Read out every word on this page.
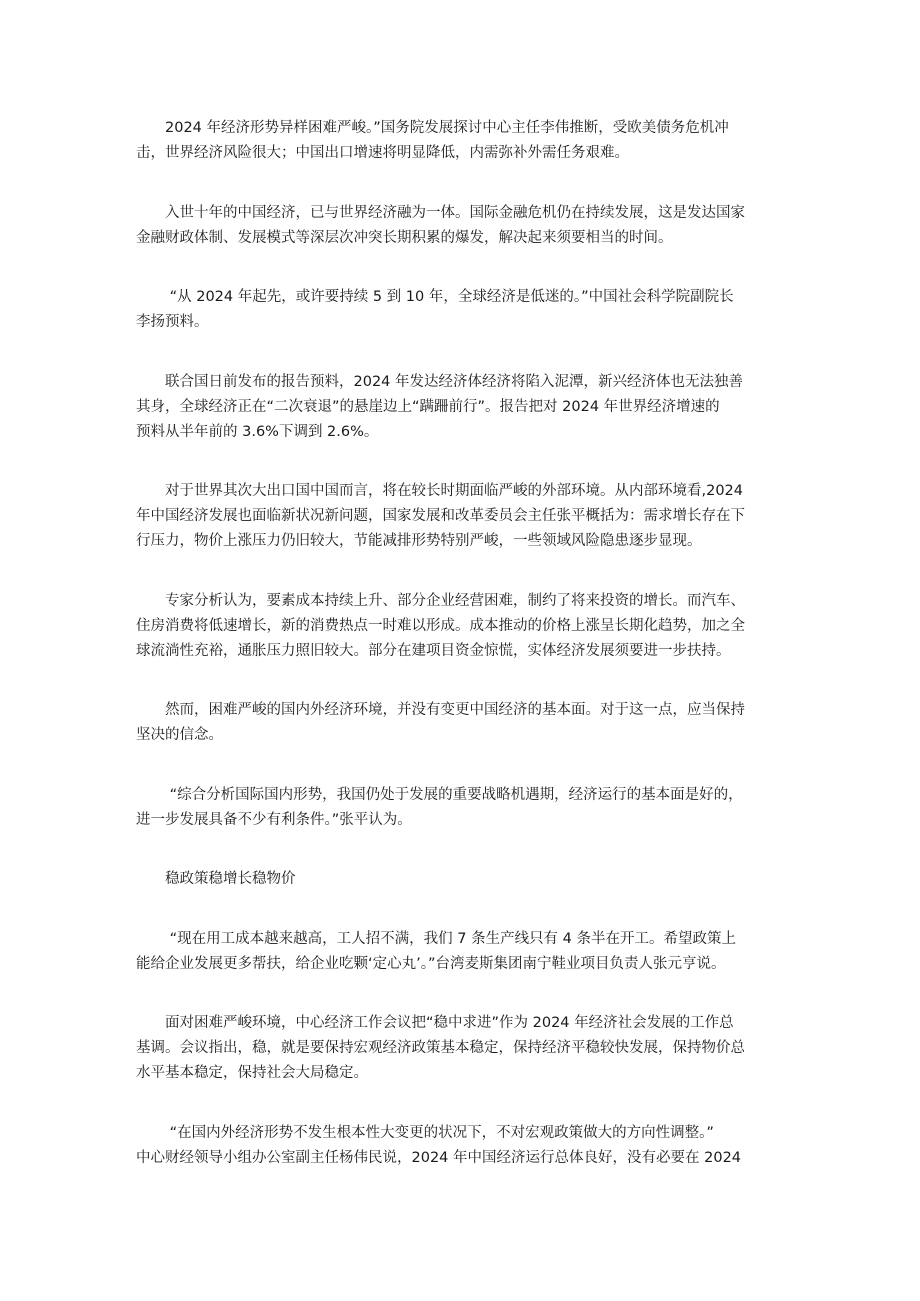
　　2024 年经济形势异样困难严峻。”国务院发展探讨中心主任李伟推断，受欧美债务危机冲
击，世界经济风险很大；中国出口增速将明显降低，内需弥补外需任务艰难。

　　入世十年的中国经济，已与世界经济融为一体。国际金融危机仍在持续发展，这是发达国家
金融财政体制、发展模式等深层次冲突长期积累的爆发，解决起来须要相当的时间。

　　 “从 2024 年起先，或许要持续 5 到 10 年，全球经济是低迷的。”中国社会科学院副院长
李扬预料。

　　联合国日前发布的报告预料，2024 年发达经济体经济将陷入泥潭，新兴经济体也无法独善
其身，全球经济正在“二次衰退”的悬崖边上“蹒跚前行”。报告把对 2024 年世界经济增速的
预料从半年前的 3.6%下调到 2.6%。

　　对于世界其次大出口国中国而言，将在较长时期面临严峻的外部环境。从内部环境看,2024
年中国经济发展也面临新状况新问题，国家发展和改革委员会主任张平概括为：需求增长存在下
行压力，物价上涨压力仍旧较大，节能减排形势特别严峻，一些领域风险隐患逐步显现。

　　专家分析认为，要素成本持续上升、部分企业经营困难，制约了将来投资的增长。而汽车、
住房消费将低速增长，新的消费热点一时难以形成。成本推动的价格上涨呈长期化趋势，加之全
球流淌性充裕，通胀压力照旧较大。部分在建项目资金惊慌，实体经济发展须要进一步扶持。

　　然而，困难严峻的国内外经济环境，并没有变更中国经济的基本面。对于这一点，应当保持
坚决的信念。

　　 “综合分析国际国内形势，我国仍处于发展的重要战略机遇期，经济运行的基本面是好的，
进一步发展具备不少有利条件。”张平认为。

　　稳政策稳增长稳物价

　　 “现在用工成本越来越高，工人招不满，我们 7 条生产线只有 4 条半在开工。希望政策上
能给企业发展更多帮扶，给企业吃颗‘定心丸’。”台湾麦斯集团南宁鞋业项目负责人张元亨说。

　　面对困难严峻环境，中心经济工作会议把“稳中求进”作为 2024 年经济社会发展的工作总
基调。会议指出，稳，就是要保持宏观经济政策基本稳定，保持经济平稳较快发展，保持物价总
水平基本稳定，保持社会大局稳定。

　　 “在国内外经济形势不发生根本性大变更的状况下，不对宏观政策做大的方向性调整。”
中心财经领导小组办公室副主任杨伟民说，2024 年中国经济运行总体良好，没有必要在 2024
